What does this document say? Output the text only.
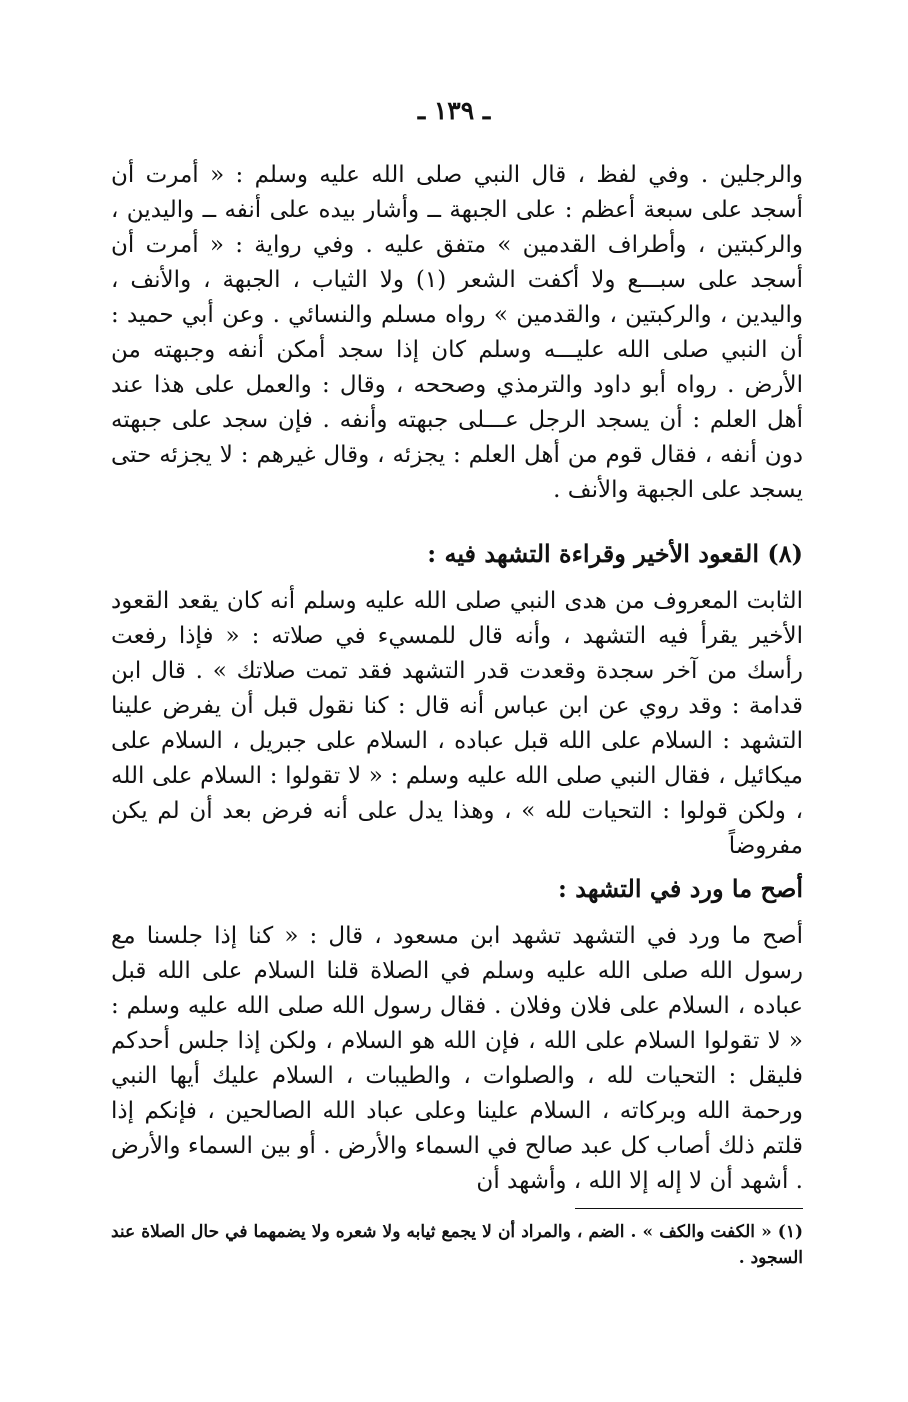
ـ ١٣٩ ـ

والرجلين . وفي لفظ ، قال النبي صلى الله عليه وسلم : « أمرت أن أسجد على سبعة أعظم : على الجبهة ــ وأشار بيده على أنفه ــ واليدين ، والركبتين ، وأطراف القدمين » متفق عليه . وفي رواية : « أمرت أن أسجد على سبـــع ولا أكفت الشعر (١) ولا الثياب ، الجبهة ، والأنف ، واليدين ، والركبتين ، والقدمين » رواه مسلم والنسائي . وعن أبي حميد : أن النبي صلى الله عليـــه وسلم كان إذا سجد أمكن أنفه وجبهته من الأرض . رواه أبو داود والترمذي وصححه ، وقال : والعمل على هذا عند أهل العلم : أن يسجد الرجل عـــلى جبهته وأنفه . فإن سجد على جبهته دون أنفه ، فقال قوم من أهل العلم : يجزئه ، وقال غيرهم : لا يجزئه حتى يسجد على الجبهة والأنف .

(٨) القعود الأخير وقراءة التشهد فيه :

الثابت المعروف من هدى النبي صلى الله عليه وسلم أنه كان يقعد القعود الأخير يقرأ فيه التشهد ، وأنه قال للمسيء في صلاته : « فإذا رفعت رأسك من آخر سجدة وقعدت قدر التشهد فقد تمت صلاتك » . قال ابن قدامة : وقد روي عن ابن عباس أنه قال : كنا نقول قبل أن يفرض علينا التشهد : السلام على الله قبل عباده ، السلام على جبريل ، السلام على ميكائيل ، فقال النبي صلى الله عليه وسلم : « لا تقولوا : السلام على الله ، ولكن قولوا : التحيات لله » ، وهذا يدل على أنه فرض بعد أن لم يكن مفروضاً

أصح ما ورد في التشهد :

أصح ما ورد في التشهد تشهد ابن مسعود ، قال : « كنا إذا جلسنا مع رسول الله صلى الله عليه وسلم في الصلاة قلنا السلام على الله قبل عباده ، السلام على فلان وفلان . فقال رسول الله صلى الله عليه وسلم : « لا تقولوا السلام على الله ، فإن الله هو السلام ، ولكن إذا جلس أحدكم فليقل : التحيات لله ، والصلوات ، والطيبات ، السلام عليك أيها النبي ورحمة الله وبركاته ، السلام علينا وعلى عباد الله الصالحين ، فإنكم إذا قلتم ذلك أصاب كل عبد صالح في السماء والأرض . أو بين السماء والأرض . أشهد أن لا إله إلا الله ، وأشهد أن

(١) « الكفت والكف » . الضم ، والمراد أن لا يجمع ثيابه ولا شعره ولا يضمهما في حال الصلاة عند السجود .
